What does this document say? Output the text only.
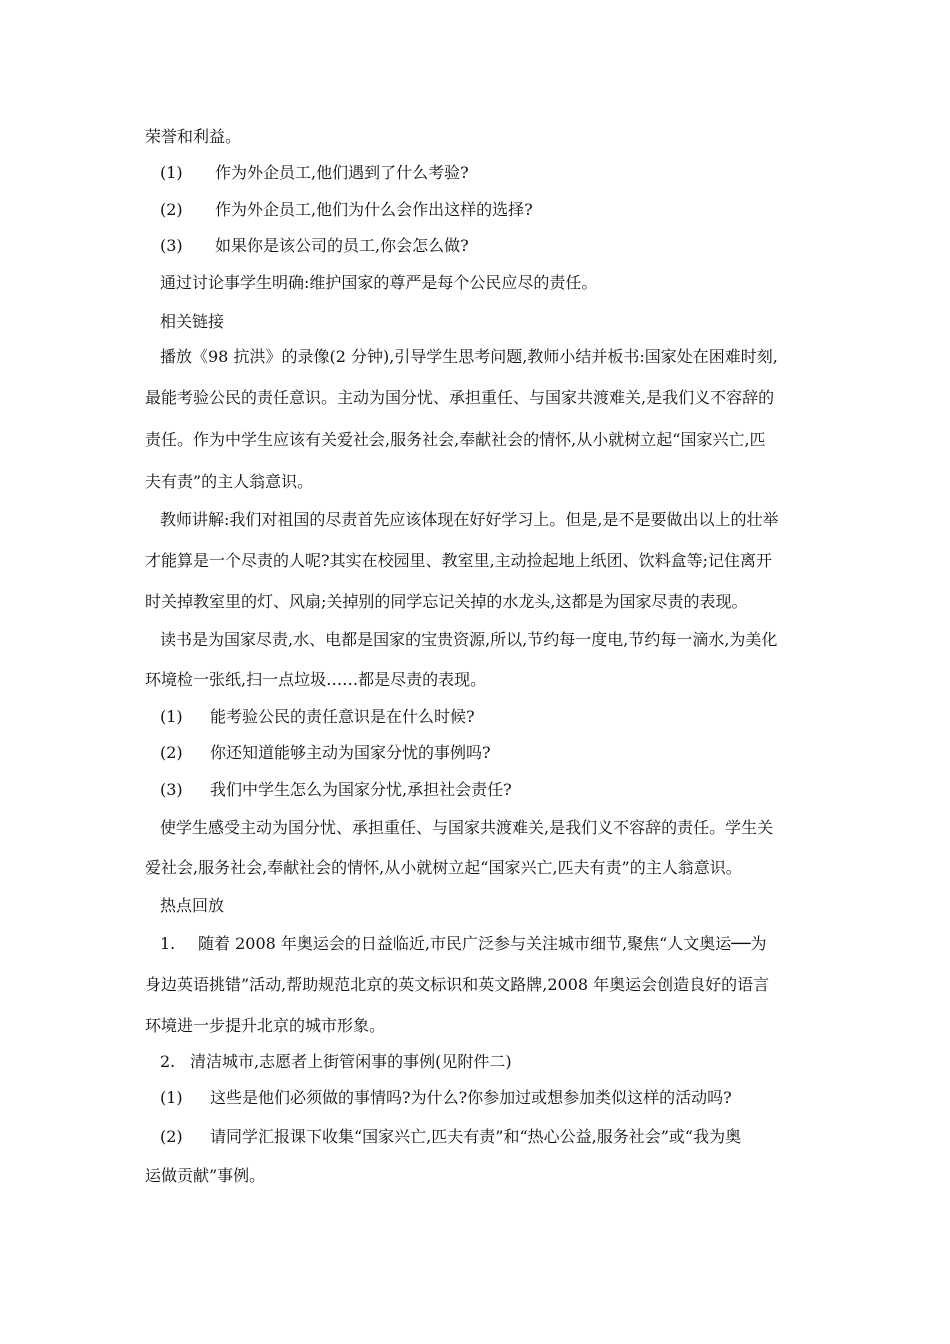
荣誉和利益。
(1) 作为外企员工,他们遇到了什么考验?
(2) 作为外企员工,他们为什么会作出这样的选择?
(3) 如果你是该公司的员工,你会怎么做?
通过讨论事学生明确:维护国家的尊严是每个公民应尽的责任。
相关链接
播放《98 抗洪》的录像(2 分钟),引导学生思考问题,教师小结并板书:国家处在困难时刻,
最能考验公民的责任意识。主动为国分忧、承担重任、与国家共渡难关,是我们义不容辞的
责任。作为中学生应该有关爱社会,服务社会,奉献社会的情怀,从小就树立起“国家兴亡,匹
夫有责”的主人翁意识。
教师讲解:我们对祖国的尽责首先应该体现在好好学习上。但是,是不是要做出以上的壮举
才能算是一个尽责的人呢?其实在校园里、教室里,主动捡起地上纸团、饮料盒等;记住离开
时关掉教室里的灯、风扇;关掉别的同学忘记关掉的水龙头,这都是为国家尽责的表现。
读书是为国家尽责,水、电都是国家的宝贵资源,所以,节约每一度电,节约每一滴水,为美化
环境检一张纸,扫一点垃圾……都是尽责的表现。
(1) 能考验公民的责任意识是在什么时候?
(2) 你还知道能够主动为国家分忧的事例吗?
(3) 我们中学生怎么为国家分忧,承担社会责任?
使学生感受主动为国分忧、承担重任、与国家共渡难关,是我们义不容辞的责任。学生关
爱社会,服务社会,奉献社会的情怀,从小就树立起“国家兴亡,匹夫有责”的主人翁意识。
热点回放
1. 随着 2008 年奥运会的日益临近,市民广泛参与关注城市细节,聚焦“人文奥运──为
身边英语挑错”活动,帮助规范北京的英文标识和英文路牌,2008 年奥运会创造良好的语言
环境进一步提升北京的城市形象。
2. 清洁城市,志愿者上街管闲事的事例(见附件二)
(1) 这些是他们必须做的事情吗?为什么?你参加过或想参加类似这样的活动吗?
(2) 请同学汇报课下收集“国家兴亡,匹夫有责”和“热心公益,服务社会”或“我为奥
运做贡献”事例。
